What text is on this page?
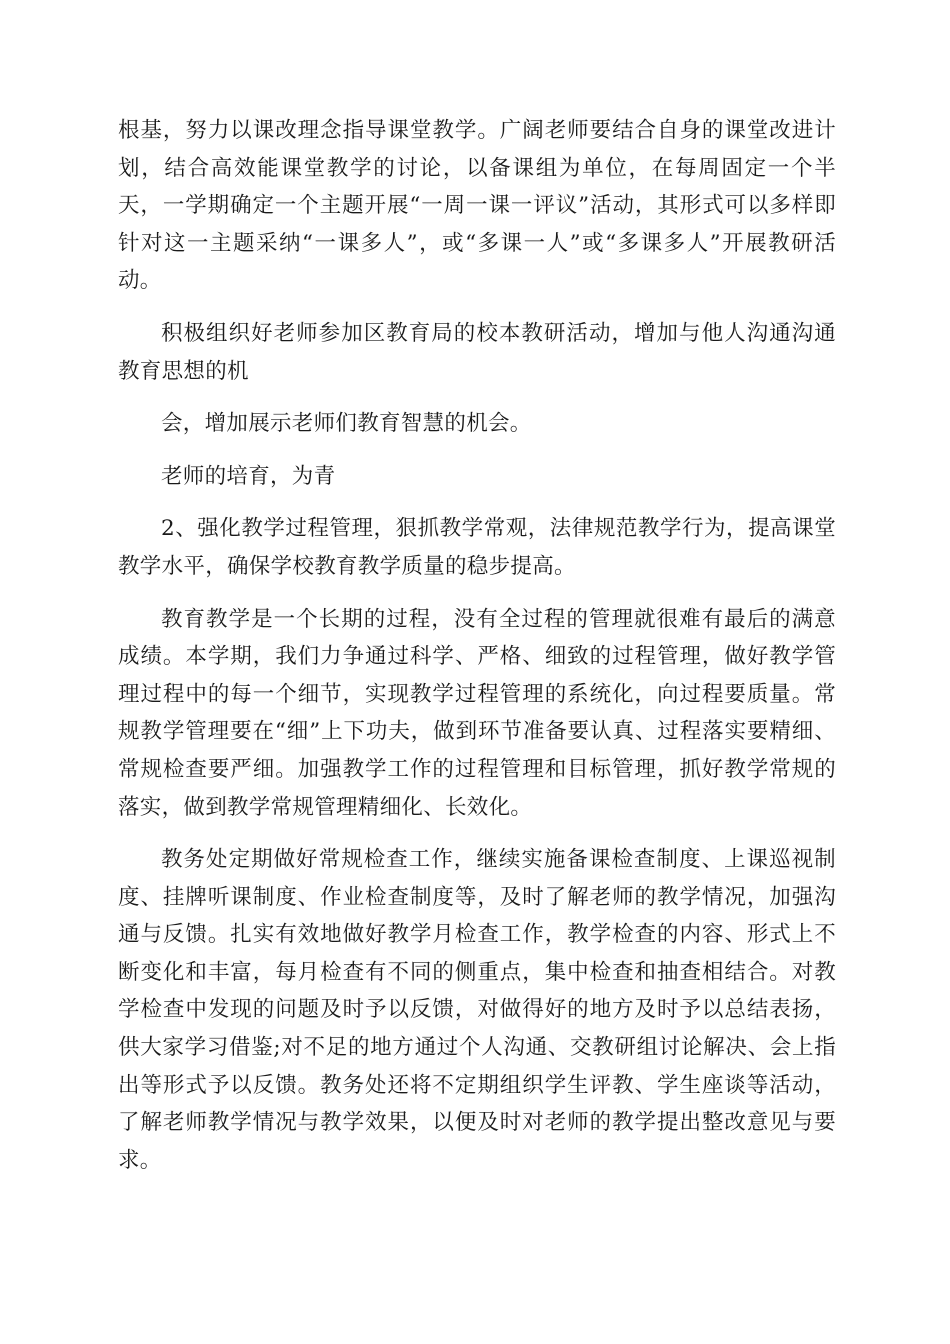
根基，努力以课改理念指导课堂教学。广阔老师要结合自身的课堂改进计划，结合高效能课堂教学的讨论，以备课组为单位，在每周固定一个半天，一学期确定一个主题开展“一周一课一评议”活动，其形式可以多样即针对这一主题采纳“一课多人”，或“多课一人”或“多课多人”开展教研活动。

积极组织好老师参加区教育局的校本教研活动，增加与他人沟通沟通教育思想的机

会，增加展示老师们教育智慧的机会。

老师的培育，为青

2、强化教学过程管理，狠抓教学常观，法律规范教学行为，提高课堂教学水平，确保学校教育教学质量的稳步提高。

教育教学是一个长期的过程，没有全过程的管理就很难有最后的满意成绩。本学期，我们力争通过科学、严格、细致的过程管理，做好教学管理过程中的每一个细节，实现教学过程管理的系统化，向过程要质量。常规教学管理要在“细”上下功夫，做到环节准备要认真、过程落实要精细、常规检查要严细。加强教学工作的过程管理和目标管理，抓好教学常规的落实，做到教学常规管理精细化、长效化。

教务处定期做好常规检查工作，继续实施备课检查制度、上课巡视制度、挂牌听课制度、作业检查制度等，及时了解老师的教学情况，加强沟通与反馈。扎实有效地做好教学月检查工作，教学检查的内容、形式上不断变化和丰富，每月检查有不同的侧重点，集中检查和抽查相结合。对教学检查中发现的问题及时予以反馈，对做得好的地方及时予以总结表扬，供大家学习借鉴;对不足的地方通过个人沟通、交教研组讨论解决、会上指出等形式予以反馈。教务处还将不定期组织学生评教、学生座谈等活动，了解老师教学情况与教学效果，以便及时对老师的教学提出整改意见与要求。
